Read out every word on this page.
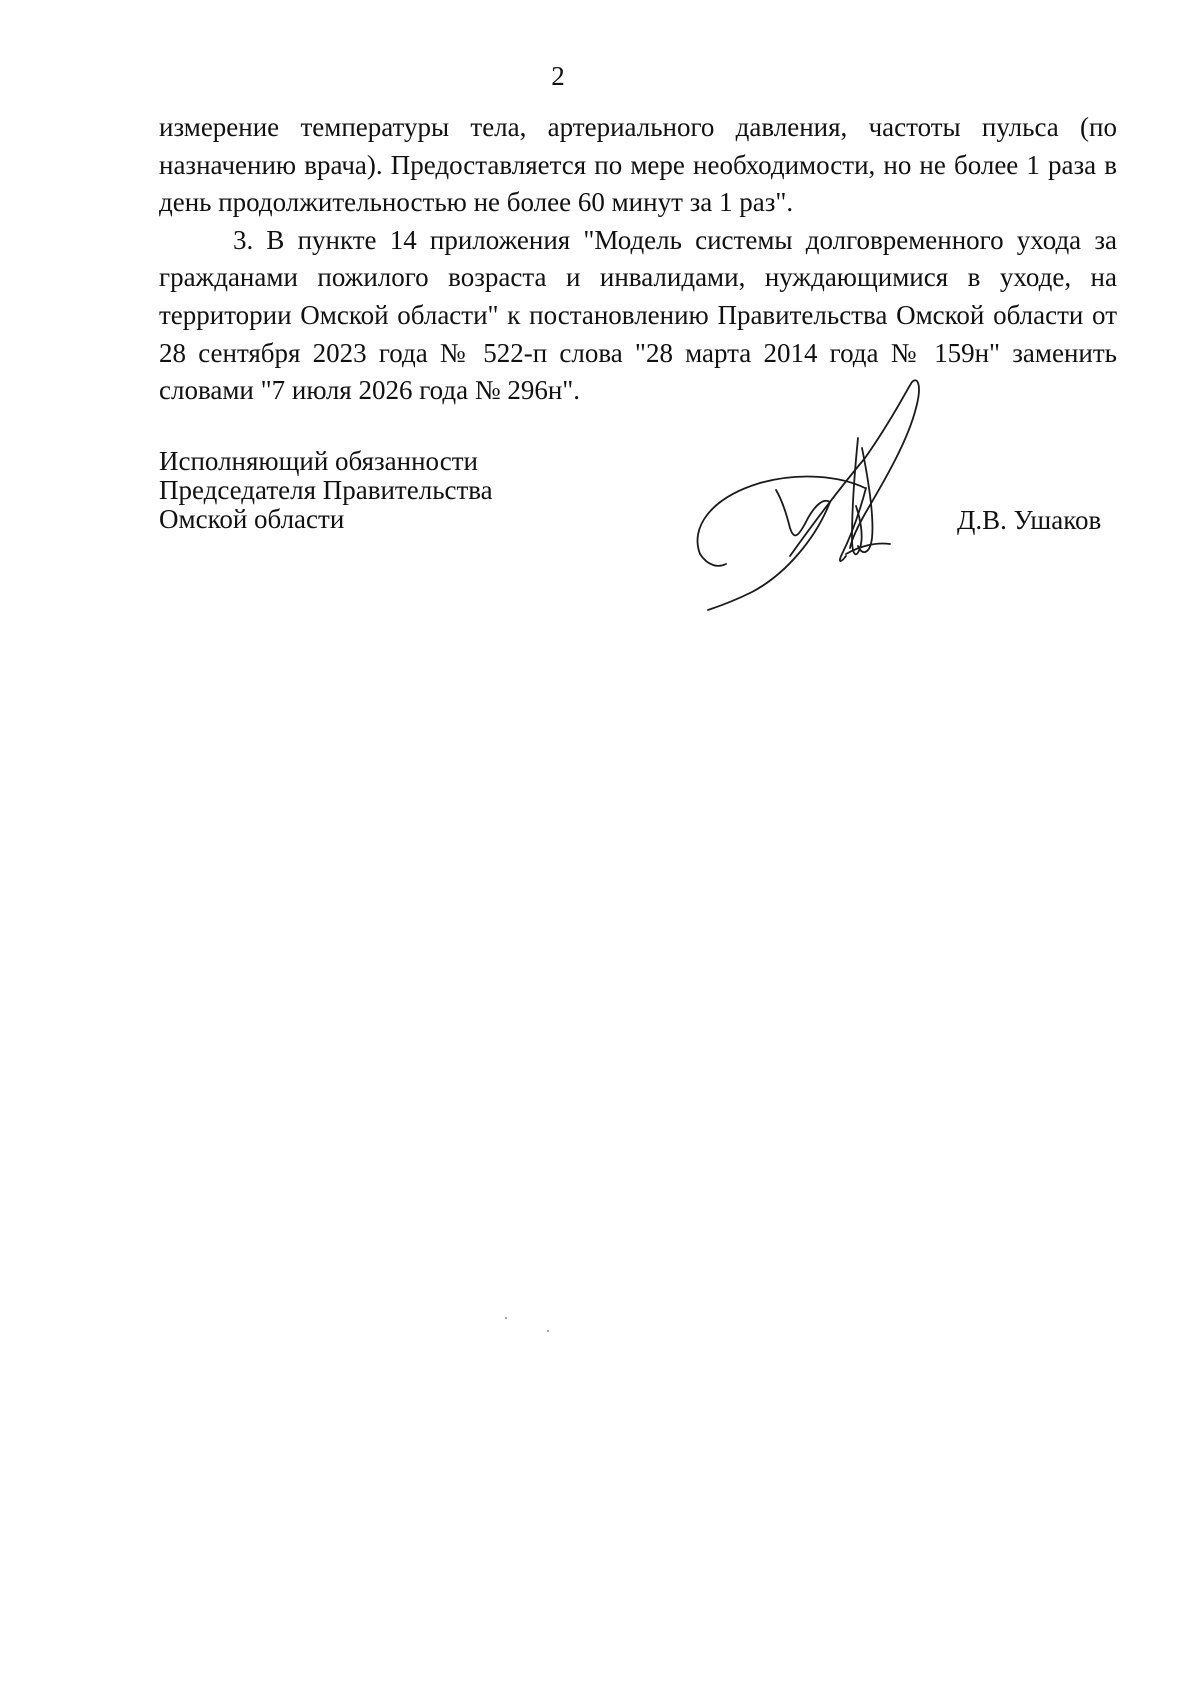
2

измерение температуры тела, артериального давления, частоты пульса (по назначению врача). Предоставляется по мере необходимости, но не более 1 раза в день продолжительностью не более 60 минут за 1 раз".

3. В пункте 14 приложения "Модель системы долговременного ухода за гражданами пожилого возраста и инвалидами, нуждающимися в уходе, на территории Омской области" к постановлению Правительства Омской области от 28 сентября 2023 года № 522-п слова "28 марта 2014 года № 159н" заменить словами "7 июля 2026 года № 296н".

Исполняющий обязанности
Председателя Правительства
Омской области	Д.В. Ушаков
